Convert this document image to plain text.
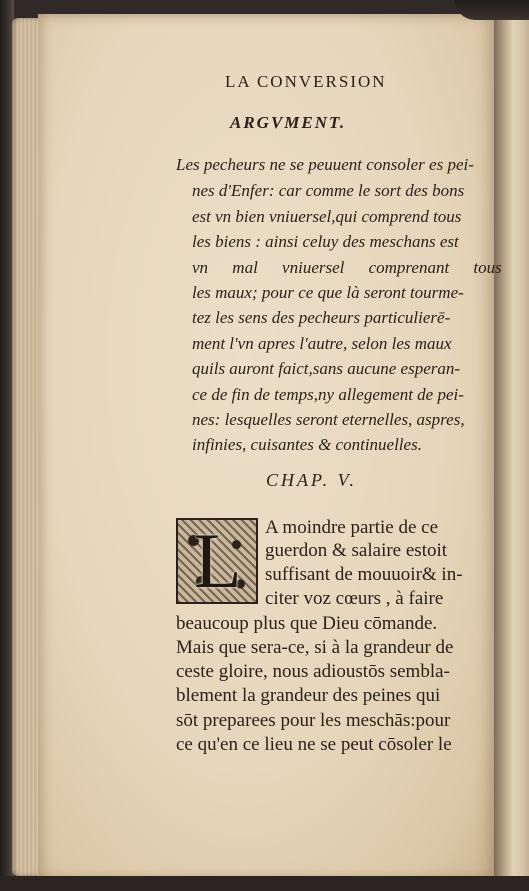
LA CONVERSION
ARGVMENT.
Les pecheurs ne se peuuent consoler es pei-
nes d'Enfer: car comme le sort des bons
est vn bien vniuersel,qui comprend tous
les biens : ainsi celuy des meschans est
vn mal vniuersel comprenant tous
les maux; pour ce que là seront tourme-
tez les sens des pecheurs particulierē-
ment l'vn apres l'autre, selon les maux
quils auront faict,sans aucune esperan-
ce de fin de temps,ny allegement de pei-
nes: lesquelles seront eternelles, aspres,
infinies, cuisantes & continuelles.
CHAP. V.
L A moindre partie de ce
guerdon & salaire estoit
suffisant de mouuoir& in-
citer voz cœurs , à faire
beaucoup plus que Dieu cōmande.
Mais que sera-ce, si à la grandeur de
ceste gloire, nous adioustōs sembla-
blement la grandeur des peines qui
sōt preparees pour les meschās:pour
ce qu'en ce lieu ne se peut cōsoler le
